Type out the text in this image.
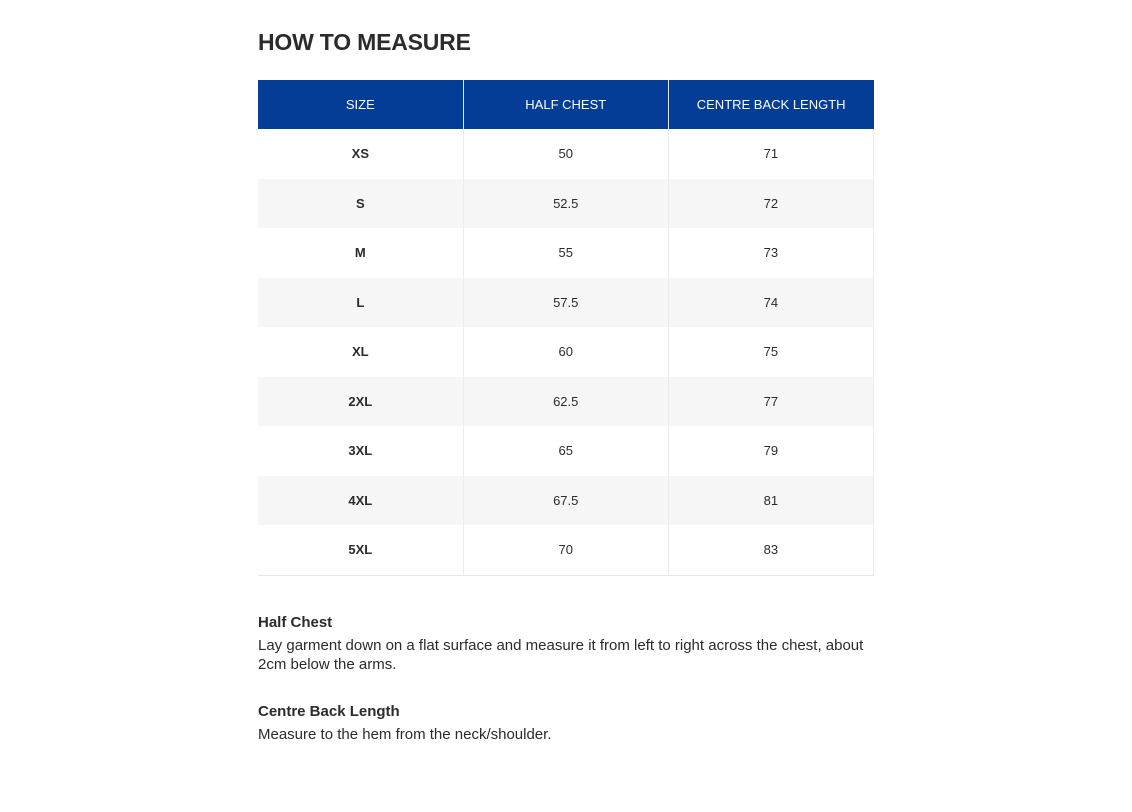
HOW TO MEASURE
SIZE	HALF CHEST	CENTRE BACK LENGTH
XS	50	71
S	52.5	72
M	55	73
L	57.5	74
XL	60	75
2XL	62.5	77
3XL	65	79
4XL	67.5	81
5XL	70	83
Half Chest
Lay garment down on a flat surface and measure it from left to right across the chest, about 2cm below the arms.
Centre Back Length
Measure to the hem from the neck/shoulder.
